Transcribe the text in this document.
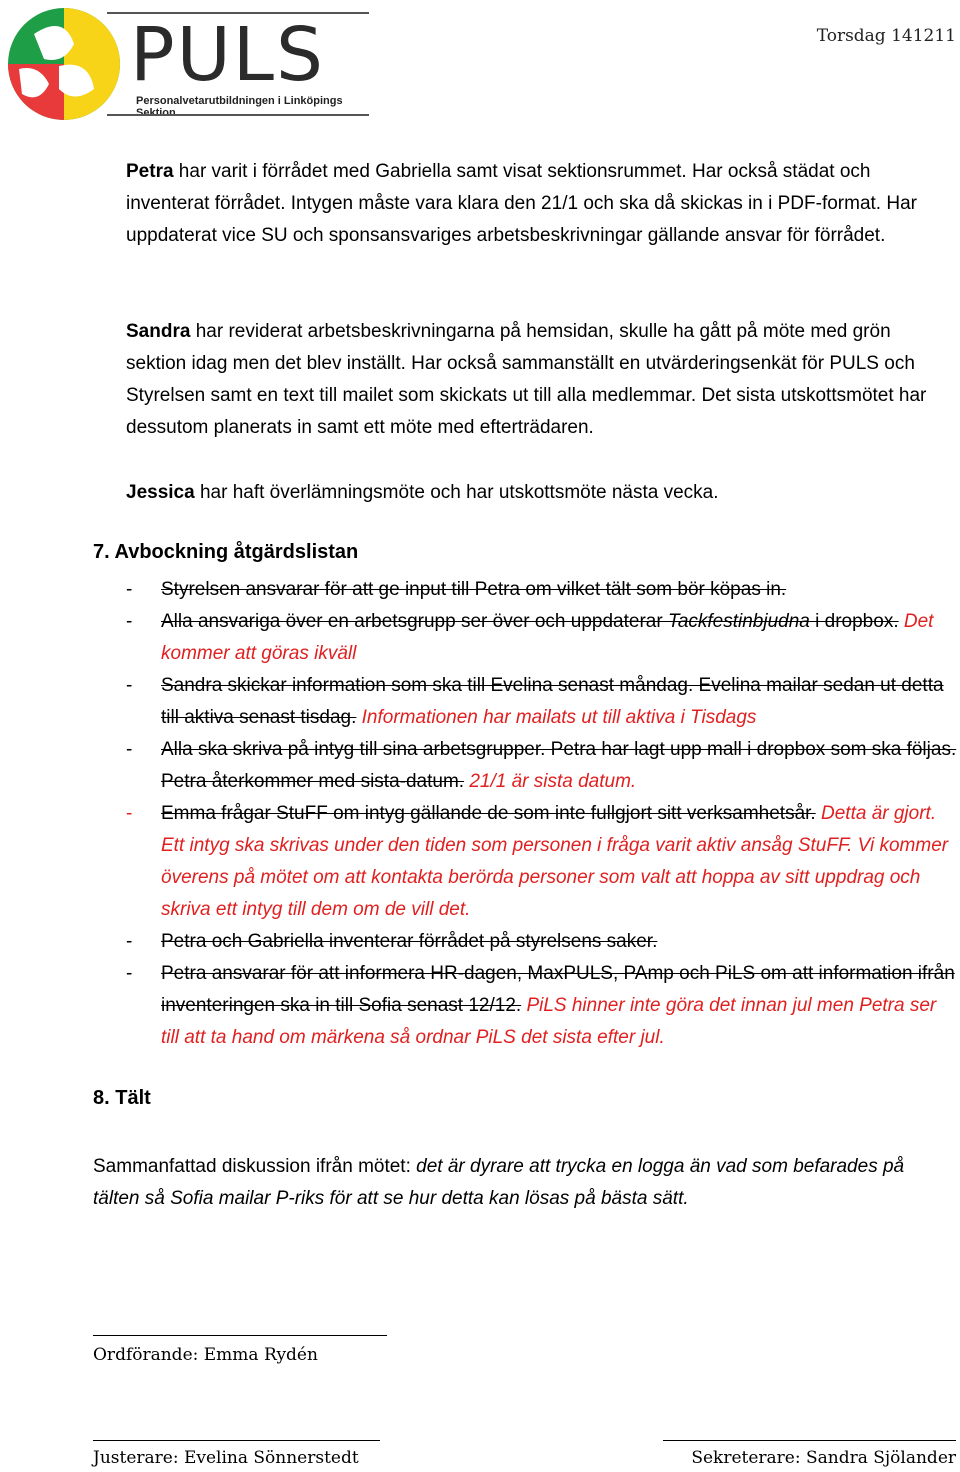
PULS
Personalvetarutbildningen i Linköpings Sektion
Torsdag 141211
Petra har varit i förrådet med Gabriella samt visat sektionsrummet. Har också städat och inventerat förrådet. Intygen måste vara klara den 21/1 och ska då skickas in i PDF-format. Har uppdaterat vice SU och sponsansvariges arbetsbeskrivningar gällande ansvar för förrådet.
Sandra har reviderat arbetsbeskrivningarna på hemsidan, skulle ha gått på möte med grön sektion idag men det blev inställt. Har också sammanställt en utvärderingsenkät för PULS och Styrelsen samt en text till mailet som skickats ut till alla medlemmar. Det sista utskottsmötet har dessutom planerats in samt ett möte med efterträdaren.
Jessica har haft överlämningsmöte och har utskottsmöte nästa vecka.
7. Avbockning åtgärdslistan
- Styrelsen ansvarar för att ge input till Petra om vilket tält som bör köpas in.
- Alla ansvariga över en arbetsgrupp ser över och uppdaterar Tackfestinbjudna i dropbox. Det kommer att göras ikväll
- Sandra skickar information som ska till Evelina senast måndag. Evelina mailar sedan ut detta till aktiva senast tisdag. Informationen har mailats ut till aktiva i Tisdags
- Alla ska skriva på intyg till sina arbetsgrupper. Petra har lagt upp mall i dropbox som ska följas. Petra återkommer med sista-datum. 21/1 är sista datum.
- Emma frågar StuFF om intyg gällande de som inte fullgjort sitt verksamhetsår. Detta är gjort. Ett intyg ska skrivas under den tiden som personen i fråga varit aktiv ansåg StuFF. Vi kommer överens på mötet om att kontakta berörda personer som valt att hoppa av sitt uppdrag och skriva ett intyg till dem om de vill det.
- Petra och Gabriella inventerar förrådet på styrelsens saker.
- Petra ansvarar för att informera HR-dagen, MaxPULS, PAmp och PiLS om att information ifrån inventeringen ska in till Sofia senast 12/12. PiLS hinner inte göra det innan jul men Petra ser till att ta hand om märkena så ordnar PiLS det sista efter jul.
8. Tält
Sammanfattad diskussion ifrån mötet: det är dyrare att trycka en logga än vad som befarades på tälten så Sofia mailar P-riks för att se hur detta kan lösas på bästa sätt.
Ordförande: Emma Rydén
Justerare: Evelina Sönnerstedt	Sekreterare: Sandra Sjölander
